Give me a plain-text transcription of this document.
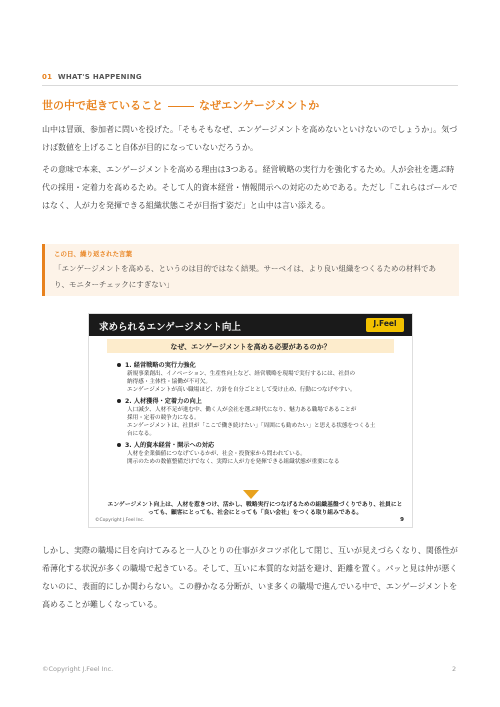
01 WHAT'S HAPPENING
世の中で起きていること	なぜエンゲージメントか
山中は冒頭、参加者に問いを投げた。「そもそもなぜ、エンゲージメントを高めないといけないのでしょうか」。気づけば数値を上げること自体が目的になっていないだろうか。
その意味で本来、エンゲージメントを高める理由は3つある。経営戦略の実行力を強化するため。人が会社を選ぶ時代の採用・定着力を高めるため。そして人的資本経営・情報開示への対応のためである。ただし「これらはゴールではなく、人が力を発揮できる組織状態こそが目指す姿だ」と山中は言い添える。
この日、繰り返された言葉
「エンゲージメントを高める、というのは目的ではなく結果。サーベイは、より良い組織をつくるための材料であり、モニターチェックにすぎない」
求められるエンゲージメント向上	J.Feel
なぜ、エンゲージメントを高める必要があるのか？
1. 経営戦略の実行力強化
新規事業創出、イノベーション、生産性向上など、経営戦略を現場で実行するには、社員の
納得感・主体性・協働が不可欠。
エンゲージメントが高い職場ほど、方針を自分ごととして受け止め、行動につなげやすい。
2. 人材獲得・定着力の向上
人口減少、人材不足が進む中、働く人が会社を選ぶ時代になり、魅力ある職場であることが
採用・定着の競争力になる。
エンゲージメントは、社員が「ここで働き続けたい」「周囲にも勧めたい」と思える状態をつくる土
台になる。
3. 人的資本経営・開示への対応
人材を企業価値につなげているかが、社会・投資家から問われている。
開示のための数値整備だけでなく、実際に人が力を発揮できる組織状態が重要になる
エンゲージメント向上は、人材を惹きつけ、活かし、戦略実行につなげるための組織基盤づくりであり、社員にとっても、顧客にとっても、社会にとっても「良い会社」をつくる取り組みである。
©Copyright J.Feel Inc.	9
しかし、実際の職場に目を向けてみると一人ひとりの仕事がタコツボ化して閉じ、互いが見えづらくなり、関係性が希薄化する状況が多くの職場で起きている。そして、互いに本質的な対話を避け、距離を置く。パッと見は仲が悪くないのに、表面的にしか関わらない。この静かなる分断が、いま多くの職場で進んでいる中で、エンゲージメントを高めることが難しくなっている。
©Copyright J.Feel Inc.	2
